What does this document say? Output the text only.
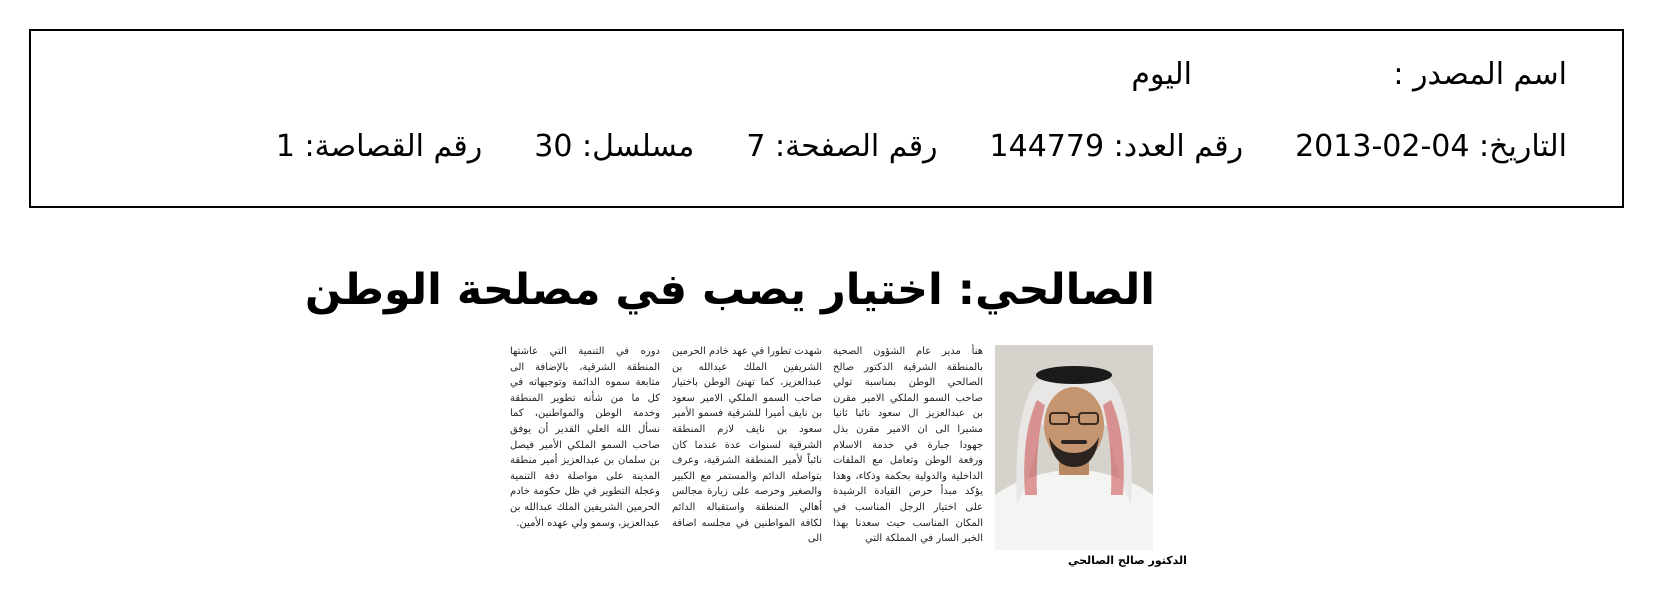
اسم المصدر :
اليوم
التاريخ: 04-02-2013
رقم العدد: 144779
رقم الصفحة: 7
مسلسل: 30
رقم القصاصة: 1
الصالحي: اختيار يصب في مصلحة الوطن
الدكتور صالح الصالحي
هنأ مدير عام الشؤون الصحية بالمنطقة الشرقية الدكتور صالح الصالحي الوطن بمناسبة تولي صاحب السمو الملكي الامير مقرن بن عبدالعزيز ال سعود نائبا ثانيا مشيرا الى ان الامير مقرن بذل جهودا جبارة في خدمة الاسلام ورفعة الوطن وتعامل مع الملفات الداخلية والدولية بحكمة وذكاء، وهذا يؤكد مبدأ حرص القيادة الرشيدة على اختيار الرجل المناسب في المكان المناسب حيث سعدنا بهذا الخبر السار في المملكة التي
شهدت تطورا في عهد خادم الحرمين الشريفين الملك عبدالله بن عبدالعزيز، كما تهنئ الوطن باختيار صاحب السمو الملكي الامير سعود بن نايف أميرا للشرقية فسمو الأمير سعود بن نايف لازم المنطقة الشرقية لسنوات عدة عندما كان نائباً لأمير المنطقة الشرقية، وعرف بتواصله الدائم والمستمر مع الكبير والصغير وحرصه على زيارة مجالس أهالي المنطقة واستقباله الدائم لكافة المواطنين في مجلسه اضافة الى
دوره في التنمية التي عاشتها المنطقة الشرقية، بالإضافة الى متابعة سموه الدائمة وتوجيهاته في كل ما من شأنه تطوير المنطقة وخدمة الوطن والمواطنين، كما نسأل الله العلي القدير أن يوفق صاحب السمو الملكي الأمير فيصل بن سلمان بن عبدالعزيز أمير منطقة المدينة على مواصلة دفة التنمية وعجلة التطوير في ظل حكومة خادم الحرمين الشريفين الملك عبدالله بن عبدالعزيز، وسمو ولي عهده الأمين.
